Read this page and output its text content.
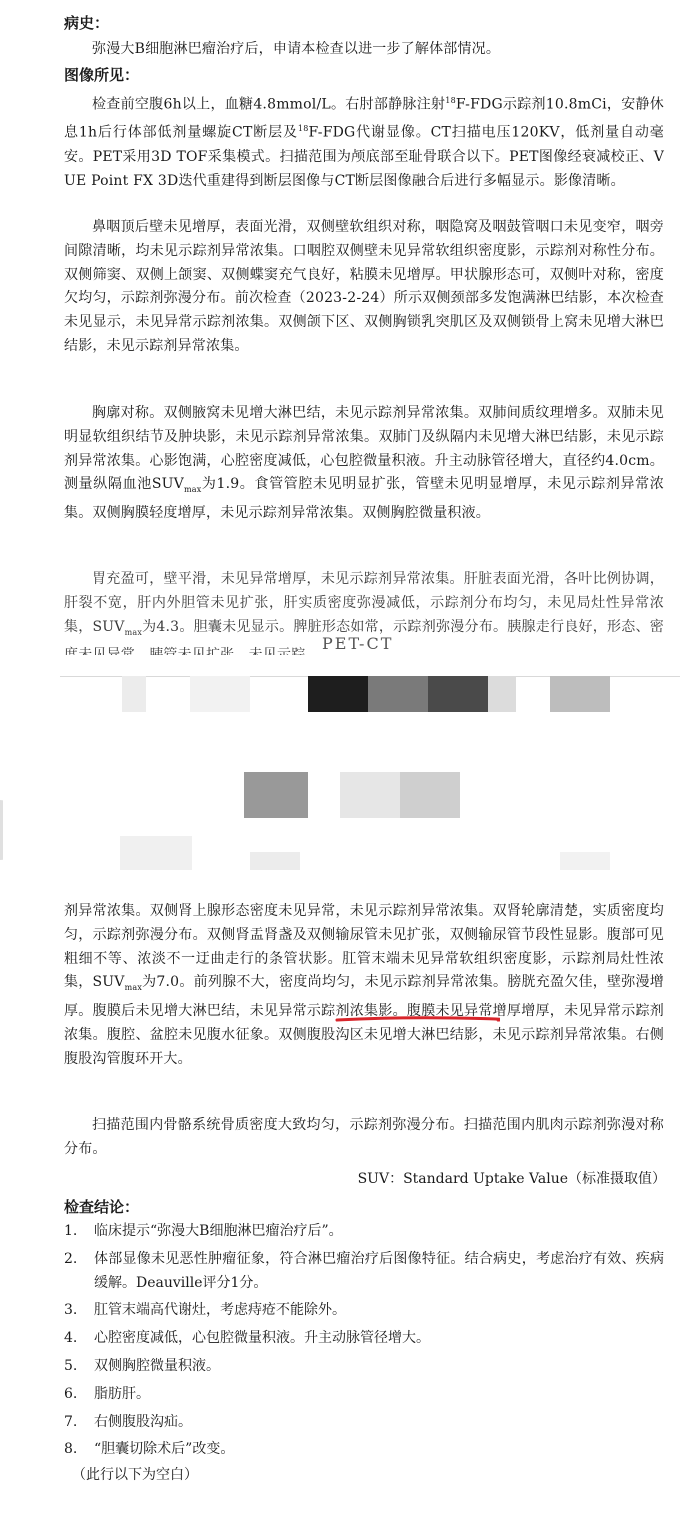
病史：

弥漫大B细胞淋巴瘤治疗后，申请本检查以进一步了解体部情况。

图像所见：

检查前空腹6h以上，血糖4.8mmol/L。右肘部静脉注射$^{18}$F-FDG示踪剂10.8mCi，安静休息1h后行体部低剂量螺旋CT断层及$^{18}$F-FDG代谢显像。CT扫描电压120KV，低剂量自动毫安。PET采用3D TOF采集模式。扫描范围为颅底部至耻骨联合以下。PET图像经衰减校正、VUE Point FX 3D迭代重建得到断层图像与CT断层图像融合后进行多幅显示。影像清晰。

鼻咽顶后壁未见增厚，表面光滑，双侧壁软组织对称，咽隐窝及咽鼓管咽口未见变窄，咽旁间隙清晰，均未见示踪剂异常浓集。口咽腔双侧壁未见异常软组织密度影，示踪剂对称性分布。双侧筛窦、双侧上颌窦、双侧蝶窦充气良好，粘膜未见增厚。甲状腺形态可，双侧叶对称，密度欠均匀，示踪剂弥漫分布。前次检查（2023-2-24）所示双侧颈部多发饱满淋巴结影，本次检查未见显示，未见异常示踪剂浓集。双侧颌下区、双侧胸锁乳突肌区及双侧锁骨上窝未见增大淋巴结影，未见示踪剂异常浓集。

胸廓对称。双侧腋窝未见增大淋巴结，未见示踪剂异常浓集。双肺间质纹理增多。双肺未见明显软组织结节及肿块影，未见示踪剂异常浓集。双肺门及纵隔内未见增大淋巴结影，未见示踪剂异常浓集。心影饱满，心腔密度减低，心包腔微量积液。升主动脉管径增大，直径约4.0cm。测量纵隔血池$SUV_{max}$为1.9。食管管腔未见明显扩张，管壁未见明显增厚，未见示踪剂异常浓集。双侧胸膜轻度增厚，未见示踪剂异常浓集。双侧胸腔微量积液。

胃充盈可，壁平滑，未见异常增厚，未见示踪剂异常浓集。肝脏表面光滑，各叶比例协调，肝裂不宽，肝内外胆管未见扩张，肝实质密度弥漫减低，示踪剂分布均匀，未见局灶性异常浓集，$SUV_{max}$为4.3。胆囊未见显示。脾脏形态如常，示踪剂弥漫分布。胰腺走行良好，形态、密

PET-CT

剂异常浓集。双侧肾上腺形态密度未见异常，未见示踪剂异常浓集。双肾轮廓清楚，实质密度均匀，示踪剂弥漫分布。双侧肾盂肾盏及双侧输尿管未见扩张，双侧输尿管节段性显影。腹部可见粗细不等、浓淡不一迂曲走行的条管状影。肛管末端未见异常软组织密度影，示踪剂局灶性浓集，$SUV_{max}$为7.0。前列腺不大，密度尚均匀，未见示踪剂异常浓集。膀胱充盈欠佳，壁弥漫增厚。腹膜后未见增大淋巴结，未见异常示踪剂浓集影。腹膜未见异常增厚增厚，未见异常示踪剂浓集。腹腔、盆腔未见腹水征象。双侧腹股沟区未见增大淋巴结影，未见示踪剂异常浓集。右侧腹股沟管腹环开大。

扫描范围内骨骼系统骨质密度大致均匀，示踪剂弥漫分布。扫描范围内肌肉示踪剂弥漫对称分布。

SUV：Standard Uptake Value（标准摄取值）

检查结论：

1.	临床提示“弥漫大B细胞淋巴瘤治疗后”。
2.	体部显像未见恶性肿瘤征象，符合淋巴瘤治疗后图像特征。结合病史，考虑治疗有效、疾病缓解。Deauville评分1分。
3.	肛管末端高代谢灶，考虑痔疮不能除外。
4.	心腔密度减低，心包腔微量积液。升主动脉管径增大。
5.	双侧胸腔微量积液。
6.	脂肪肝。
7.	右侧腹股沟疝。
8.	“胆囊切除术后”改变。
（此行以下为空白）
